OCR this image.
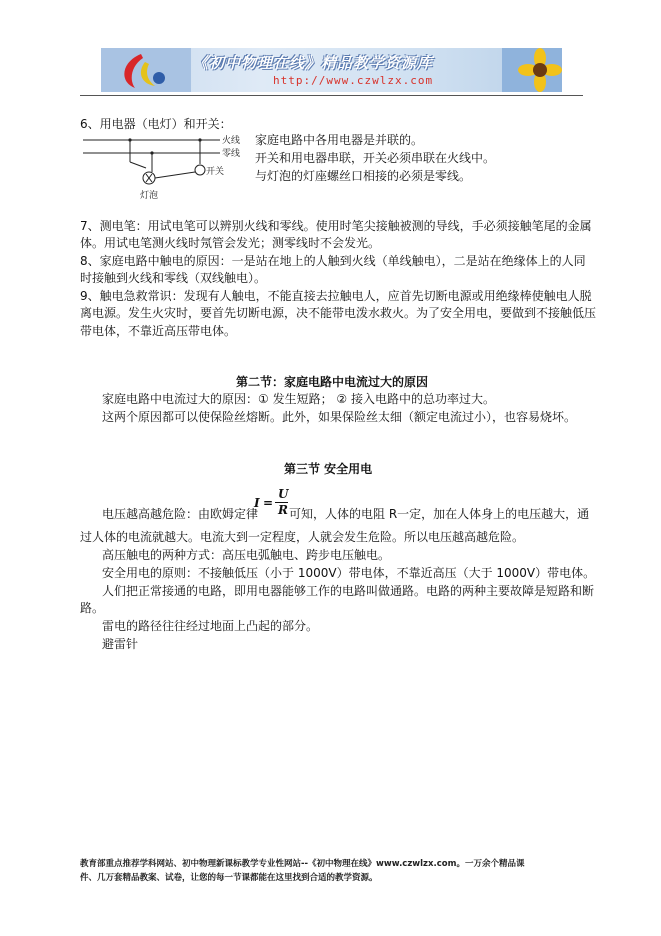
《初中物理在线》精品教学资源库
http://www.czwlzx.com
6、用电器（电灯）和开关：
火线
零线
开关
灯泡
家庭电路中各用电器是并联的。
开关和用电器串联，开关必须串联在火线中。
与灯泡的灯座螺丝口相接的必须是零线。
7、测电笔：用试电笔可以辨别火线和零线。使用时笔尖接触被测的导线，手必须接触笔尾的金属
体。用试电笔测火线时氖管会发光；测零线时不会发光。
8、家庭电路中触电的原因：一是站在地上的人触到火线（单线触电），二是站在绝缘体上的人同
时接触到火线和零线（双线触电）。
9、触电急救常识：发现有人触电，不能直接去拉触电人，应首先切断电源或用绝缘棒使触电人脱
离电源。发生火灾时，要首先切断电源，决不能带电泼水救火。为了安全用电，要做到不接触低压
带电体，不靠近高压带电体。
第二节：家庭电路中电流过大的原因
家庭电路中电流过大的原因：① 发生短路； ② 接入电路中的总功率过大。
这两个原因都可以使保险丝熔断。此外，如果保险丝太细（额定电流过小），也容易烧坏。
第三节 安全用电
电压越高越危险：由欧姆定律
I =
U
R 可知，人体的电阻 R一定，加在人体身上的电压越大，通
过人体的电流就越大。电流大到一定程度，人就会发生危险。所以电压越高越危险。
高压触电的两种方式：高压电弧触电、跨步电压触电。
安全用电的原则：不接触低压（小于 1000V）带电体，不靠近高压（大于 1000V）带电体。
人们把正常接通的电路，即用电器能够工作的电路叫做通路。电路的两种主要故障是短路和断
路。
雷电的路径往往经过地面上凸起的部分。
避雷针
教育部重点推荐学科网站、初中物理新课标教学专业性网站--《初中物理在线》www.czwlzx.com。一万余个精品课
件、几万套精品教案、试卷，让您的每一节课都能在这里找到合适的教学资源。
